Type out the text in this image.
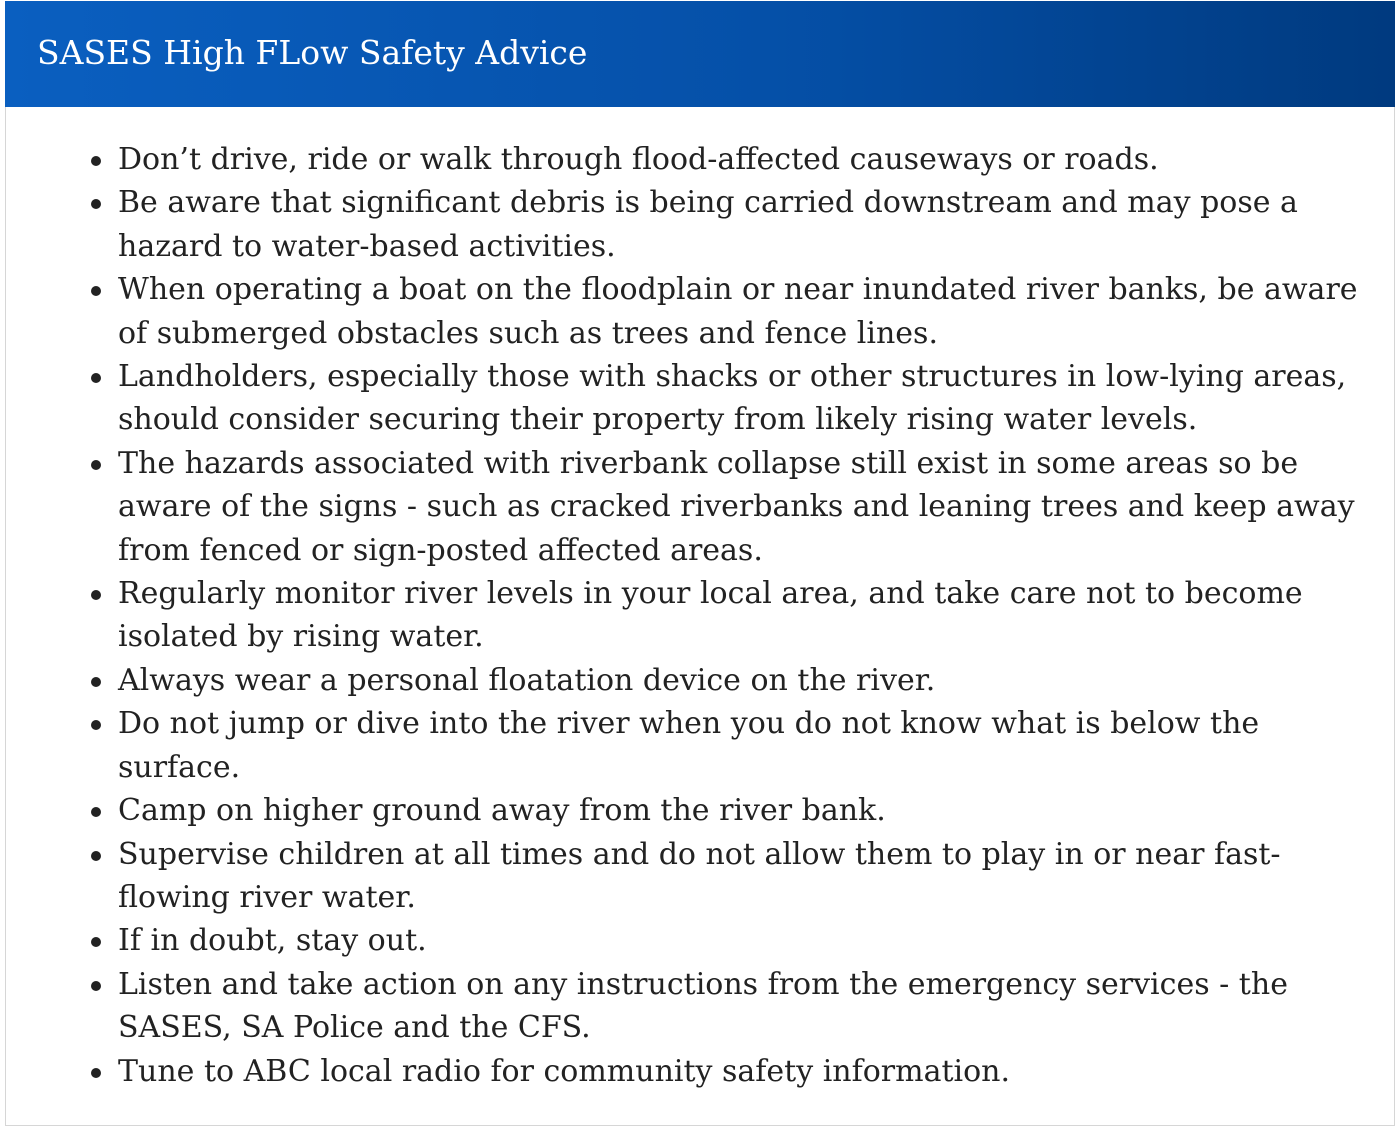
SASES High FLow Safety Advice
Don’t drive, ride or walk through flood-affected causeways or roads.
Be aware that significant debris is being carried downstream and may pose a hazard to water-based activities.
When operating a boat on the floodplain or near inundated river banks, be aware of submerged obstacles such as trees and fence lines.
Landholders, especially those with shacks or other structures in low-lying areas, should consider securing their property from likely rising water levels.
The hazards associated with riverbank collapse still exist in some areas so be aware of the signs - such as cracked riverbanks and leaning trees and keep away from fenced or sign-posted affected areas.
Regularly monitor river levels in your local area, and take care not to become isolated by rising water.
Always wear a personal floatation device on the river.
Do not jump or dive into the river when you do not know what is below the surface.
Camp on higher ground away from the river bank.
Supervise children at all times and do not allow them to play in or near fast-flowing river water.
If in doubt, stay out.
Listen and take action on any instructions from the emergency services - the SASES, SA Police and the CFS.
Tune to ABC local radio for community safety information.
